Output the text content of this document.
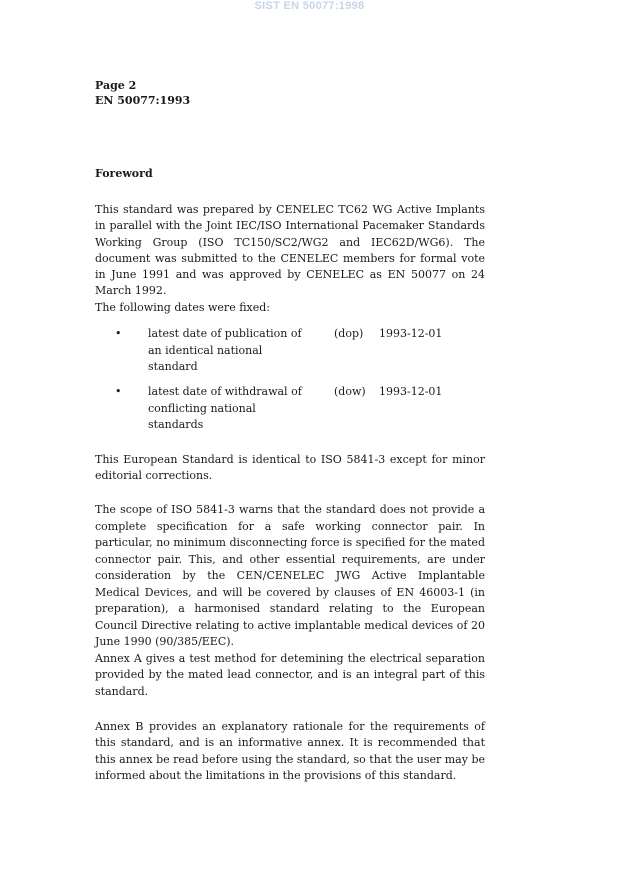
SIST EN 50077:1998
Page 2
EN 50077:1993
Foreword

This standard was prepared by CENELEC TC62 WG Active Implants in parallel with the Joint IEC/ISO International Pacemaker Standards Working Group (ISO TC150/SC2/WG2 and IEC62D/WG6). The document was submitted to the CENELEC members for formal vote in June 1991 and was approved by CENELEC as EN 50077 on 24 March 1992.

The following dates were fixed:

• latest date of publication of an identical national standard
(dop) 1993-12-01
• latest date of withdrawal of conflicting national standards
(dow) 1993-12-01

This European Standard is identical to ISO 5841-3 except for minor editorial corrections.

The scope of ISO 5841-3 warns that the standard does not provide a complete specification for a safe working connector pair. In particular, no minimum disconnecting force is specified for the mated connector pair. This, and other essential requirements, are under consideration by the CEN/CENELEC JWG Active Implantable Medical Devices, and will be covered by clauses of EN 46003-1 (in preparation), a harmonised standard relating to the European Council Directive relating to active implantable medical devices of 20 June 1990 (90/385/EEC).

Annex A gives a test method for detemining the electrical separation provided by the mated lead connector, and is an integral part of this standard.

Annex B provides an explanatory rationale for the requirements of this standard, and is an informative annex. It is recommended that this annex be read before using the standard, so that the user may be informed about the limitations in the provisions of this standard.
